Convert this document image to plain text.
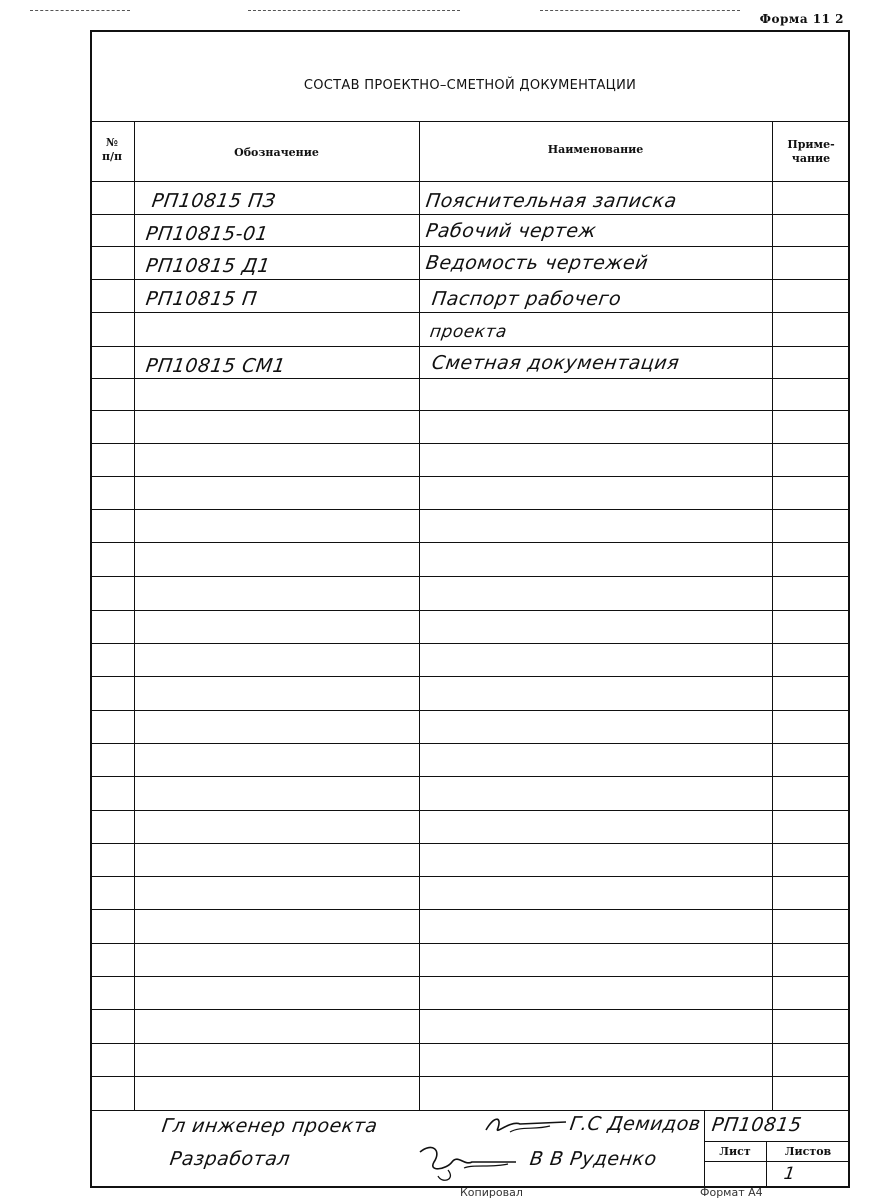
Форма 11 2
СОСТАВ ПРОЕКТНО–СМЕТНОЙ ДОКУМЕНТАЦИИ
№
п/п	Обозначение	Наименование	Приме-
чание
РП10815 ПЗ	Пояснительная записка
РП10815-01	Рабочий чертеж
РП10815 Д1	Ведомость чертежей
РП10815 П	Паспорт рабочего
проекта
РП10815 СМ1	Сметная документация
Гл инженер проекта	Г.С Демидов
Разработал	В В Руденко
РП10815
Лист	Листов
1
Копировал	Формат А4
